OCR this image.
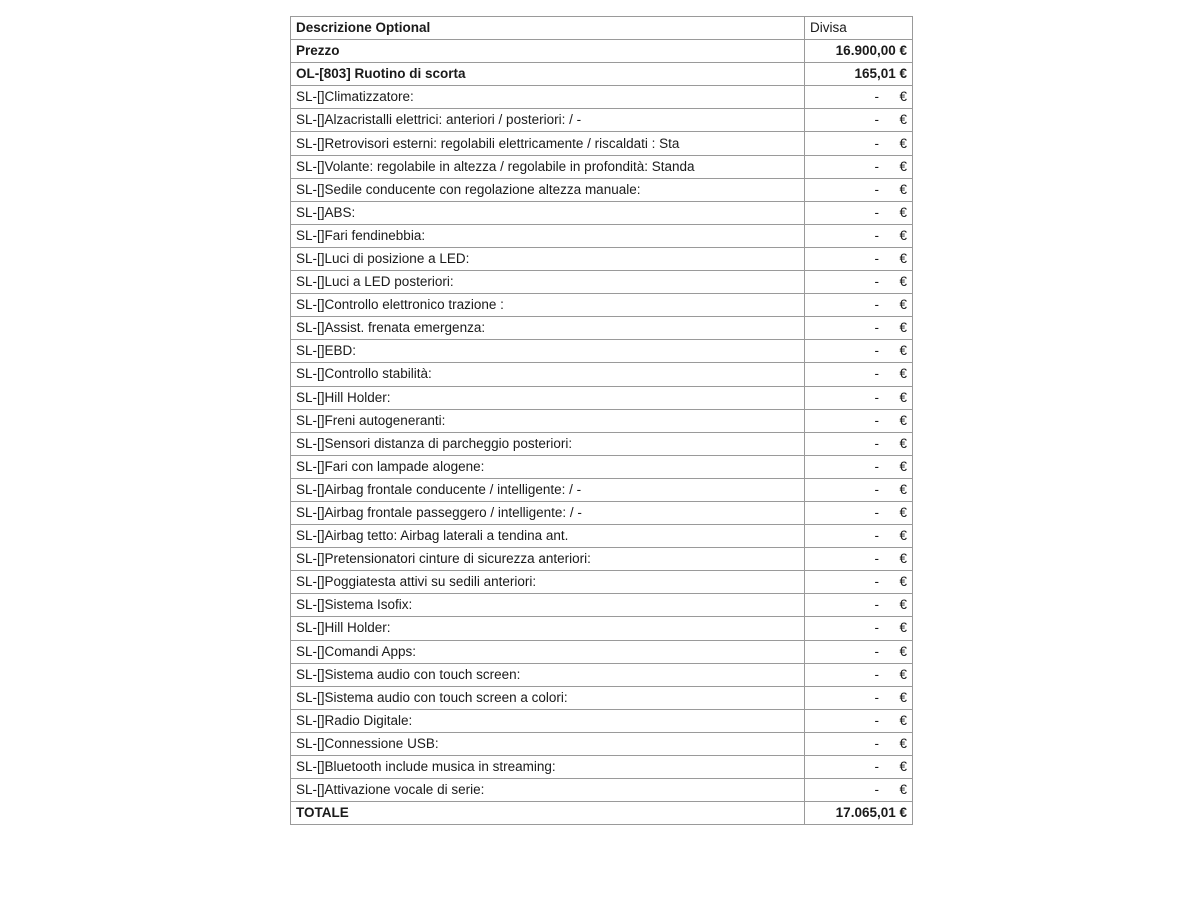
Descrizione Optional	Divisa
Prezzo	16.900,00 €
OL-[803] Ruotino di scorta	165,01 €
SL-[]Climatizzatore:	- €

SL-[]Alzacristalli elettrici: anteriori / posteriori: / -	- €

SL-[]Retrovisori esterni: regolabili elettricamente / riscaldati : Sta	- €

SL-[]Volante: regolabile in altezza / regolabile in profondità: Standa	- €

SL-[]Sedile conducente con regolazione altezza manuale:	- €

SL-[]ABS:	- €

SL-[]Fari fendinebbia:	- €

SL-[]Luci di posizione a LED:	- €

SL-[]Luci a LED posteriori:	- €

SL-[]Controllo elettronico trazione :	- €

SL-[]Assist. frenata emergenza:	- €

SL-[]EBD:	- €

SL-[]Controllo stabilità:	- €

SL-[]Hill Holder:	- €

SL-[]Freni autogeneranti:	- €

SL-[]Sensori distanza di parcheggio posteriori:	- €

SL-[]Fari con lampade alogene:	- €

SL-[]Airbag frontale conducente / intelligente: / -	- €

SL-[]Airbag frontale passeggero / intelligente: / -	- €

SL-[]Airbag tetto: Airbag laterali a tendina ant.	- €

SL-[]Pretensionatori cinture di sicurezza anteriori:	- €

SL-[]Poggiatesta attivi su sedili anteriori:	- €

SL-[]Sistema Isofix:	- €

SL-[]Hill Holder:	- €

SL-[]Comandi Apps:	- €

SL-[]Sistema audio con touch screen:	- €

SL-[]Sistema audio con touch screen a colori:	- €

SL-[]Radio Digitale:	- €

SL-[]Connessione USB:	- €

SL-[]Bluetooth include musica in streaming:	- €

SL-[]Attivazione vocale di serie:	- €

TOTALE	17.065,01 €
